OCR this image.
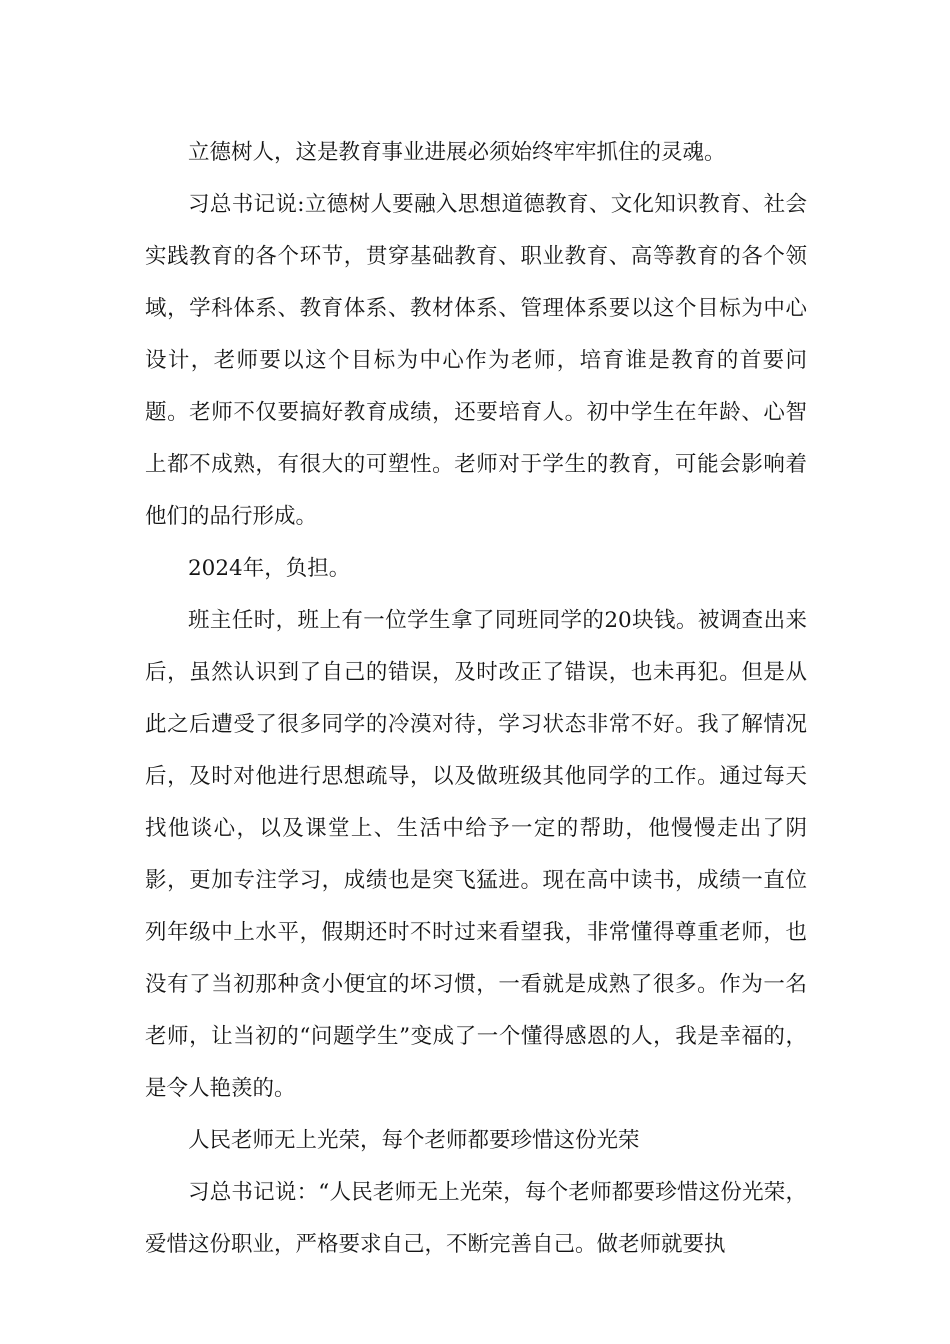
立德树人，这是教育事业进展必须始终牢牢抓住的灵魂。

习总书记说:立德树人要融入思想道德教育、文化知识教育、社会实践教育的各个环节，贯穿基础教育、职业教育、高等教育的各个领域，学科体系、教育体系、教材体系、管理体系要以这个目标为中心设计，老师要以这个目标为中心作为老师，培育谁是教育的首要问题。老师不仅要搞好教育成绩，还要培育人。初中学生在年龄、心智上都不成熟，有很大的可塑性。老师对于学生的教育，可能会影响着他们的品行形成。

2024年，负担。

班主任时，班上有一位学生拿了同班同学的20块钱。被调查出来后，虽然认识到了自己的错误，及时改正了错误，也未再犯。但是从此之后遭受了很多同学的冷漠对待，学习状态非常不好。我了解情况后，及时对他进行思想疏导，以及做班级其他同学的工作。通过每天找他谈心，以及课堂上、生活中给予一定的帮助，他慢慢走出了阴影，更加专注学习，成绩也是突飞猛进。现在高中读书，成绩一直位列年级中上水平，假期还时不时过来看望我，非常懂得尊重老师，也没有了当初那种贪小便宜的坏习惯，一看就是成熟了很多。作为一名老师，让当初的“问题学生”变成了一个懂得感恩的人，我是幸福的，是令人艳羡的。

人民老师无上光荣，每个老师都要珍惜这份光荣

习总书记说：“人民老师无上光荣，每个老师都要珍惜这份光荣，爱惜这份职业，严格要求自己，不断完善自己。做老师就要执
